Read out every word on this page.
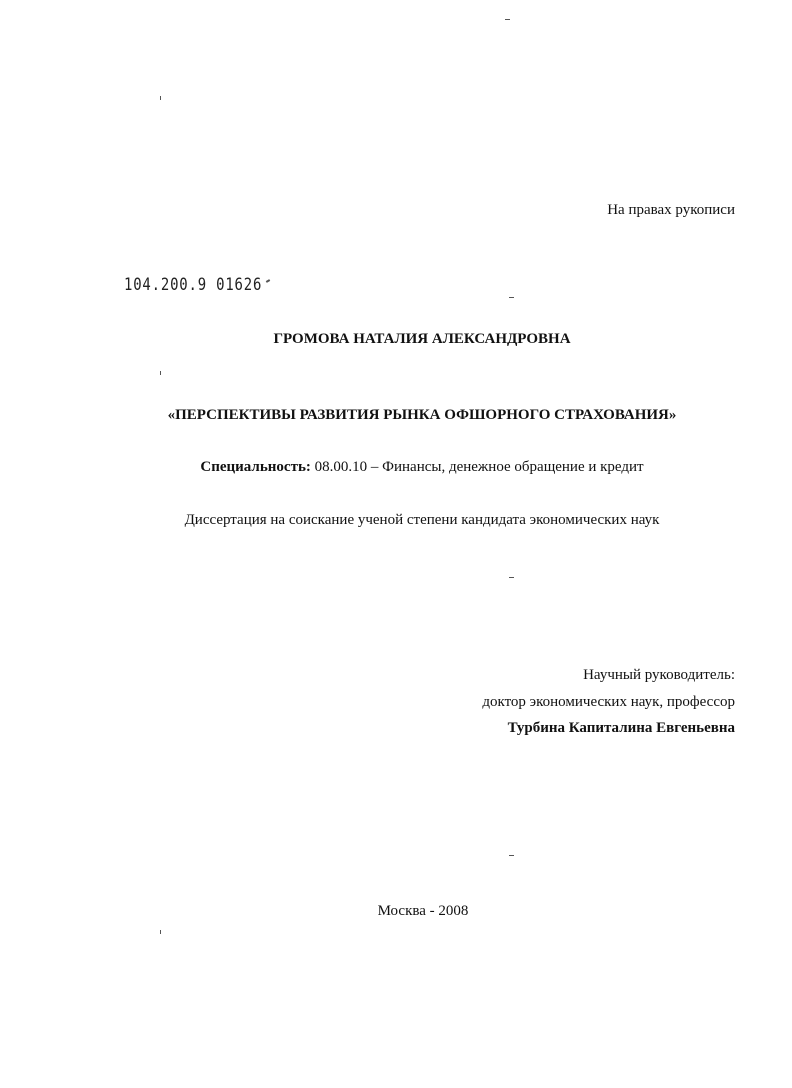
На правах рукописи
104.200.9 01626
ГРОМОВА НАТАЛИЯ АЛЕКСАНДРОВНА
«ПЕРСПЕКТИВЫ РАЗВИТИЯ РЫНКА ОФШОРНОГО СТРАХОВАНИЯ»
Специальность: 08.00.10 – Финансы, денежное обращение и кредит
Диссертация на соискание ученой степени кандидата экономических наук
Научный руководитель:
доктор экономических наук, профессор
Турбина Капиталина Евгеньевна
Москва - 2008
